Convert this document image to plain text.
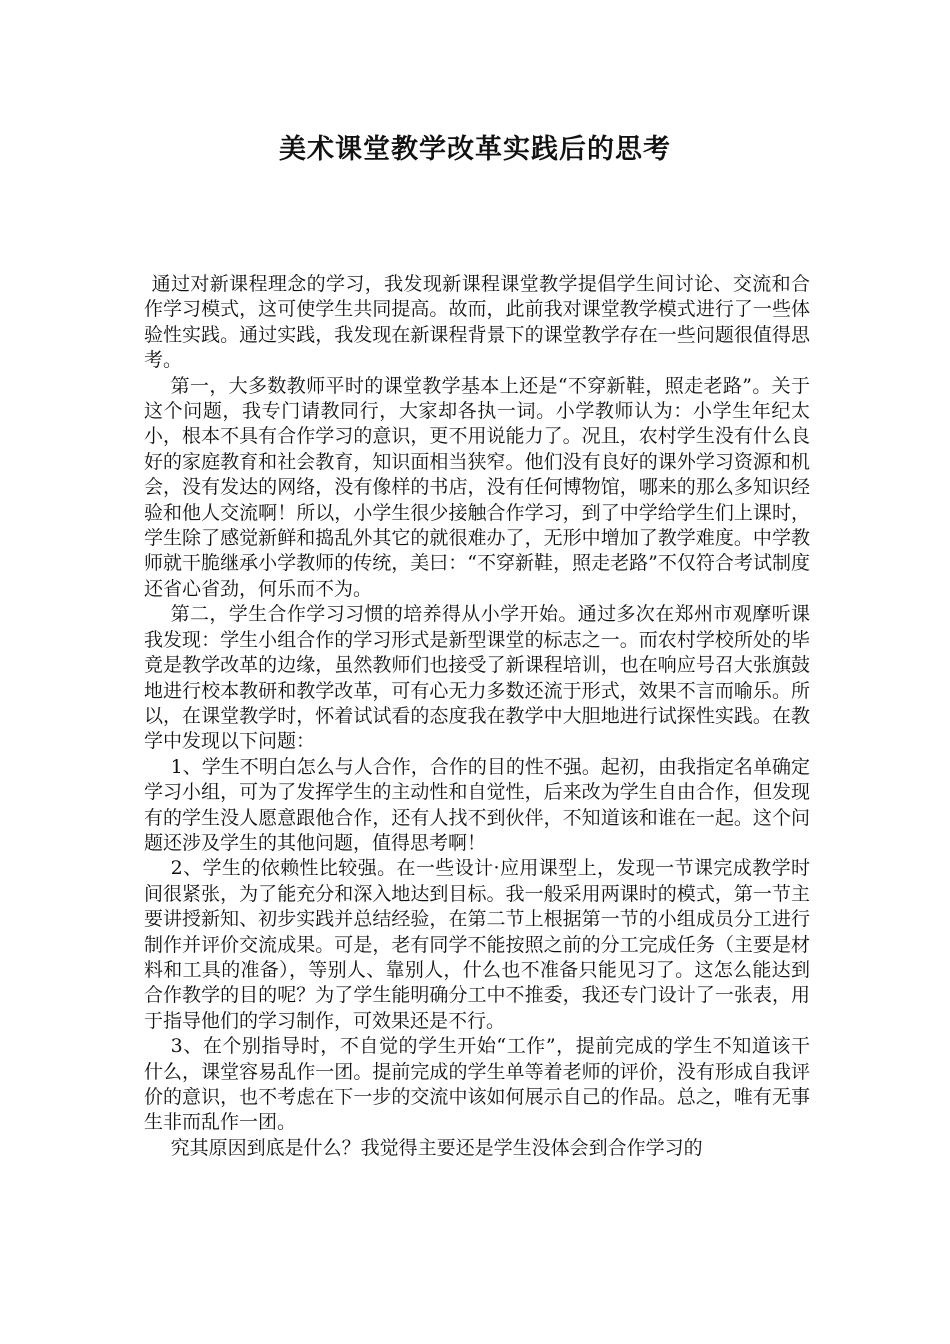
美术课堂教学改革实践后的思考

通过对新课程理念的学习，我发现新课程课堂教学提倡学生间讨论、交流和合作学习模式，这可使学生共同提高。故而，此前我对课堂教学模式进行了一些体验性实践。通过实践，我发现在新课程背景下的课堂教学存在一些问题很值得思考。

第一，大多数教师平时的课堂教学基本上还是“不穿新鞋，照走老路”。关于这个问题，我专门请教同行，大家却各执一词。小学教师认为：小学生年纪太小，根本不具有合作学习的意识，更不用说能力了。况且，农村学生没有什么良好的家庭教育和社会教育，知识面相当狭窄。他们没有良好的课外学习资源和机会，没有发达的网络，没有像样的书店，没有任何博物馆，哪来的那么多知识经验和他人交流啊！所以，小学生很少接触合作学习，到了中学给学生们上课时，学生除了感觉新鲜和捣乱外其它的就很难办了，无形中增加了教学难度。中学教师就干脆继承小学教师的传统，美曰：“不穿新鞋，照走老路”不仅符合考试制度还省心省劲，何乐而不为。

第二，学生合作学习习惯的培养得从小学开始。通过多次在郑州市观摩听课我发现：学生小组合作的学习形式是新型课堂的标志之一。而农村学校所处的毕竟是教学改革的边缘，虽然教师们也接受了新课程培训，也在响应号召大张旗鼓地进行校本教研和教学改革，可有心无力多数还流于形式，效果不言而喻乐。所以，在课堂教学时，怀着试试看的态度我在教学中大胆地进行试探性实践。在教学中发现以下问题：

1、学生不明白怎么与人合作，合作的目的性不强。起初，由我指定名单确定学习小组，可为了发挥学生的主动性和自觉性，后来改为学生自由合作，但发现有的学生没人愿意跟他合作，还有人找不到伙伴，不知道该和谁在一起。这个问题还涉及学生的其他问题，值得思考啊！

2、学生的依赖性比较强。在一些设计·应用课型上，发现一节课完成教学时间很紧张，为了能充分和深入地达到目标。我一般采用两课时的模式，第一节主要讲授新知、初步实践并总结经验，在第二节上根据第一节的小组成员分工进行制作并评价交流成果。可是，老有同学不能按照之前的分工完成任务（主要是材料和工具的准备），等别人、靠别人，什么也不准备只能见习了。这怎么能达到合作教学的目的呢？为了学生能明确分工中不推委，我还专门设计了一张表，用于指导他们的学习制作，可效果还是不行。

3、在个别指导时，不自觉的学生开始“工作”，提前完成的学生不知道该干什么，课堂容易乱作一团。提前完成的学生单等着老师的评价，没有形成自我评价的意识，也不考虑在下一步的交流中该如何展示自己的作品。总之，唯有无事生非而乱作一团。

究其原因到底是什么？我觉得主要还是学生没体会到合作学习的
